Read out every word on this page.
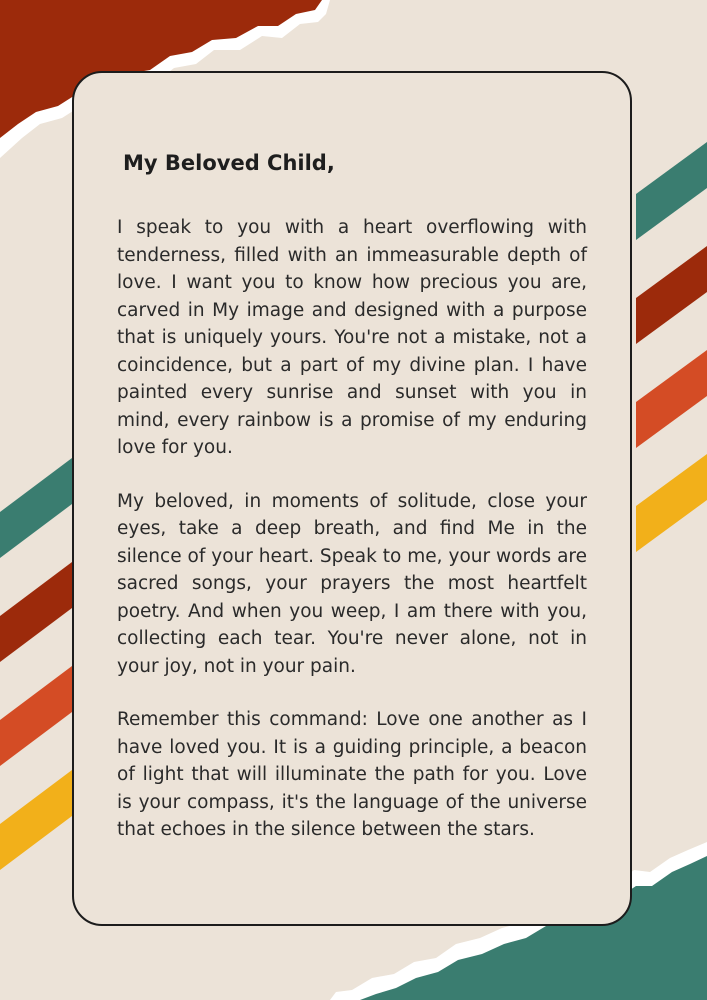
My Beloved Child,

I speak to you with a heart overflowing with tenderness, filled with an immeasurable depth of love. I want you to know how precious you are, carved in My image and designed with a purpose that is uniquely yours. You're not a mistake, not a coincidence, but a part of my divine plan. I have painted every sunrise and sunset with you in mind, every rainbow is a promise of my enduring love for you.

My beloved, in moments of solitude, close your eyes, take a deep breath, and find Me in the silence of your heart. Speak to me, your words are sacred songs, your prayers the most heartfelt poetry. And when you weep, I am there with you, collecting each tear. You're never alone, not in your joy, not in your pain.

Remember this command: Love one another as I have loved you. It is a guiding principle, a beacon of light that will illuminate the path for you. Love is your compass, it's the language of the universe that echoes in the silence between the stars.
